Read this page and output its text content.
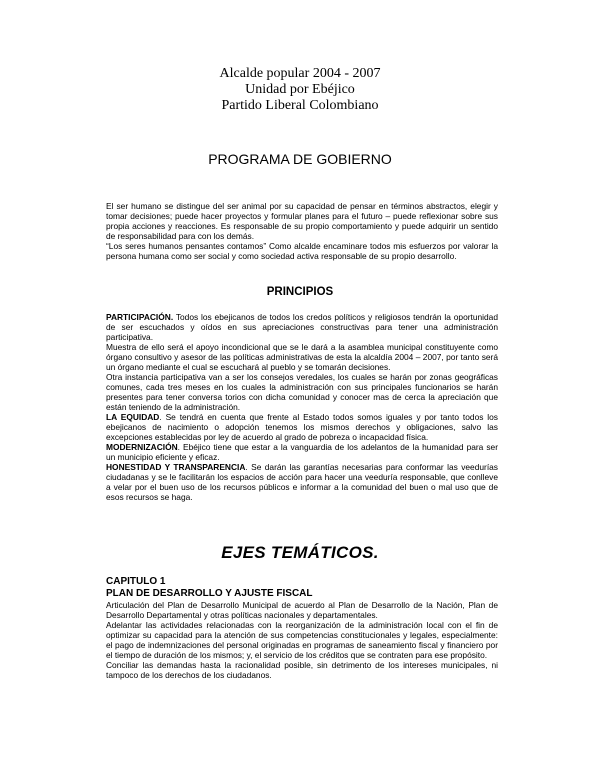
Alcalde popular 2004 - 2007
Unidad por Ebéjico
Partido Liberal Colombiano
PROGRAMA DE GOBIERNO

El ser humano se distingue del ser animal por su capacidad de pensar en términos abstractos, elegir y tomar decisiones; puede hacer proyectos y formular planes para el futuro – puede reflexionar sobre sus propia acciones y reacciones. Es responsable de su propio comportamiento y puede adquirir un sentido de responsabilidad para con los demás.

“Los seres humanos pensantes contamos” Como alcalde encaminare todos mis esfuerzos por valorar la persona humana como ser social y como sociedad activa responsable de su propio desarrollo.

PRINCIPIOS

PARTICIPACIÓN. Todos los ebejicanos de todos los credos políticos y religiosos tendrán la oportunidad de ser escuchados y oídos en sus apreciaciones constructivas para tener una administración participativa.

Muestra de ello será el apoyo incondicional que se le dará a la asamblea municipal constituyente como órgano consultivo y asesor de las políticas administrativas de esta la alcaldía 2004 – 2007, por tanto será un órgano mediante el cual se escuchará al pueblo y se tomarán decisiones.

Otra instancia participativa van a ser los consejos veredales, los cuales se harán por zonas geográficas comunes, cada tres meses en los cuales la administración con sus principales funcionarios se harán presentes para tener conversa torios con dicha comunidad y conocer mas de cerca la apreciación que están teniendo de la administración.

LA EQUIDAD. Se tendrá en cuenta que frente al Estado todos somos iguales y por tanto todos los ebejicanos de nacimiento o adopción tenemos los mismos derechos y obligaciones, salvo las excepciones establecidas por ley de acuerdo al grado de pobreza o incapacidad física.

MODERNIZACIÓN. Ebéjico tiene que estar a la vanguardia de los adelantos de la humanidad para ser un municipio eficiente y eficaz.

HONESTIDAD Y TRANSPARENCIA. Se darán las garantías necesarias para conformar las veedurías ciudadanas y se le facilitarán los espacios de acción para hacer una veeduría responsable, que conlleve a velar por el buen uso de los recursos públicos e informar a la comunidad del buen o mal uso que de esos recursos se haga.

EJES TEMÁTICOS.
CAPITULO 1
PLAN DE DESARROLLO Y AJUSTE FISCAL

Articulación del Plan de Desarrollo Municipal de acuerdo al Plan de Desarrollo de la Nación, Plan de Desarrollo Departamental y otras políticas nacionales y departamentales.

Adelantar las actividades relacionadas con la reorganización de la administración local con el fin de optimizar su capacidad para la atención de sus competencias constitucionales y legales, especialmente: el pago de indemnizaciones del personal originadas en programas de saneamiento fiscal y financiero por el tiempo de duración de los mismos; y, el servicio de los créditos que se contraten para ese propósito.

Conciliar las demandas hasta la racionalidad posible, sin detrimento de los intereses municipales, ni tampoco de los derechos de los ciudadanos.
